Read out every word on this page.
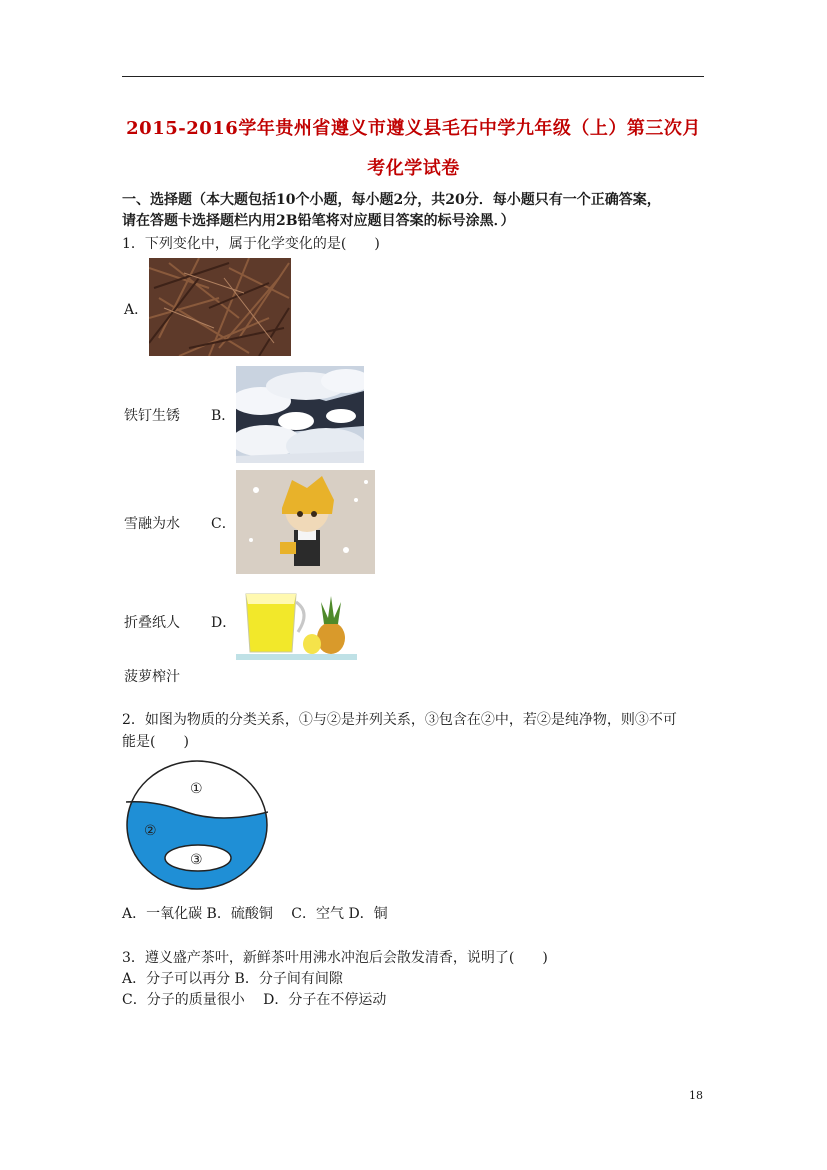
2015-2016学年贵州省遵义市遵义县毛石中学九年级（上）第三次月
考化学试卷
一、选择题（本大题包括10个小题，每小题2分，共20分．每小题只有一个正确答案，
请在答题卡选择题栏内用2B铅笔将对应题目答案的标号涂黑．）
1．下列变化中，属于化学变化的是(　　)
A．
铁钉生锈 B．
雪融为水 C．
折叠纸人 D．
菠萝榨汁
2．如图为物质的分类关系，①与②是并列关系，③包含在②中，若②是纯净物，则③不可
能是(　　)
①
②
③
A．一氧化碳 B．硫酸铜　 C．空气 D．铜
3．遵义盛产茶叶，新鲜茶叶用沸水冲泡后会散发清香，说明了(　　)
A．分子可以再分 B．分子间有间隙
C．分子的质量很小　 D．分子在不停运动
18
